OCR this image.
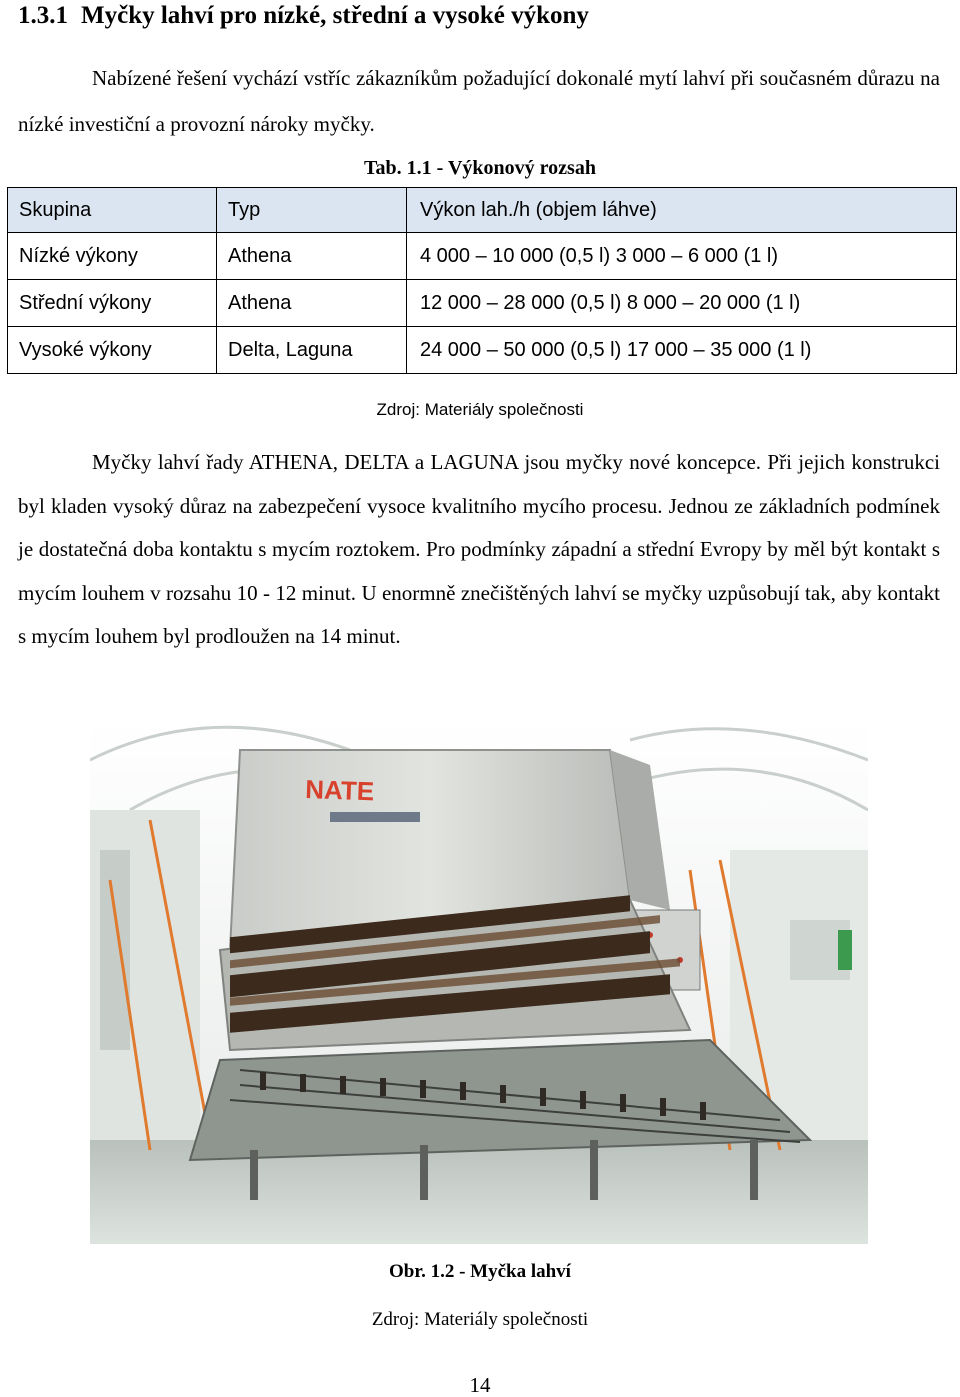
1.3.1 Myčky lahví pro nízké, střední a vysoké výkony

Nabízené řešení vychází vstříc zákazníkům požadující dokonalé mytí lahví při současném důrazu na nízké investiční a provozní nároky myčky.

Tab. 1.1 - Výkonový rozsah
Skupina	Typ	Výkon lah./h (objem láhve)
Nízké výkony	Athena	4 000 – 10 000 (0,5 l) 3 000 – 6 000 (1 l)
Střední výkony	Athena	12 000 – 28 000 (0,5 l) 8 000 – 20 000 (1 l)
Vysoké výkony	Delta, Laguna	24 000 – 50 000 (0,5 l) 17 000 – 35 000 (1 l)
Zdroj: Materiály společnosti

Myčky lahví řady ATHENA, DELTA a LAGUNA jsou myčky nové koncepce. Při jejich konstrukci byl kladen vysoký důraz na zabezpečení vysoce kvalitního mycího procesu. Jednou ze základních podmínek je dostatečná doba kontaktu s mycím roztokem. Pro podmínky západní a střední Evropy by měl být kontakt s mycím louhem v rozsahu 10 - 12 minut. U enormně znečištěných lahví se myčky uzpůsobují tak, aby kontakt s mycím louhem byl prodloužen na 14 minut.

NATE
Obr. 1.2 - Myčka lahví
Zdroj: Materiály společnosti
14
